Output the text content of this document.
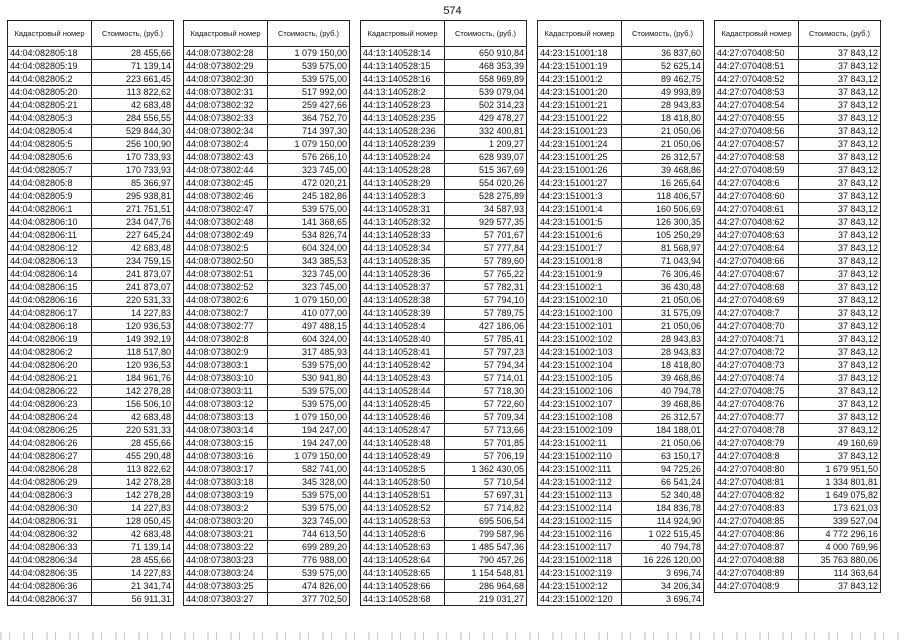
574
Кадастровый номер	Стоимость, (руб.)
44:04:082805:18	28 455,66
44:04:082805:19	71 139,14
44:04:082805:2	223 661,45
44:04:082805:20	113 822,62
44:04:082805:21	42 683,48
44:04:082805:3	284 556,55
44:04:082805:4	529 844,30
44:04:082805:5	256 100,90
44:04:082805:6	170 733,93
44:04:082805:7	170 733,93
44:04:082805:8	85 366,97
44:04:082805:9	295 938,81
44:04:082806:1	271 751,51
44:04:082806:10	234 047,76
44:04:082806:11	227 645,24
44:04:082806:12	42 683,48
44:04:082806:13	234 759,15
44:04:082806:14	241 873,07
44:04:082806:15	241 873,07
44:04:082806:16	220 531,33
44:04:082806:17	14 227,83
44:04:082806:18	120 936,53
44:04:082806:19	149 392,19
44:04:082806:2	118 517,80
44:04:082806:20	120 936,53
44:04:082806:21	184 961,76
44:04:082806:22	142 278,28
44:04:082806:23	156 506,10
44:04:082806:24	42 683,48
44:04:082806:25	220 531,33
44:04:082806:26	28 455,66
44:04:082806:27	455 290,48
44:04:082806:28	113 822,62
44:04:082806:29	142 278,28
44:04:082806:3	142 278,28
44:04:082806:30	14 227,83
44:04:082806:31	128 050,45
44:04:082806:32	42 683,48
44:04:082806:33	71 139,14
44:04:082806:34	28 455,66
44:04:082806:35	14 227,83
44:04:082806:36	21 341,74
44:04:082806:37	56 911,31
Кадастровый номер	Стоимость, (руб.)
44:08:073802:28	1 079 150,00
44:08:073802:29	539 575,00
44:08:073802:30	539 575,00
44:08:073802:31	517 992,00
44:08:073802:32	259 427,66
44:08:073802:33	364 752,70
44:08:073802:34	714 397,30
44:08:073802:4	1 079 150,00
44:08:073802:43	576 266,10
44:08:073802:44	323 745,00
44:08:073802:45	472 020,21
44:08:073802:46	245 182,86
44:08:073802:47	539 575,00
44:08:073802:48	141 368,65
44:08:073802:49	534 826,74
44:08:073802:5	604 324,00
44:08:073802:50	343 385,53
44:08:073802:51	323 745,00
44:08:073802:52	323 745,00
44:08:073802:6	1 079 150,00
44:08:073802:7	410 077,00
44:08:073802:77	497 488,15
44:08:073802:8	604 324,00
44:08:073802:9	317 485,93
44:08:073803:1	539 575,00
44:08:073803:10	530 941,80
44:08:073803:11	539 575,00
44:08:073803:12	539 575,00
44:08:073803:13	1 079 150,00
44:08:073803:14	194 247,00
44:08:073803:15	194 247,00
44:08:073803:16	1 079 150,00
44:08:073803:17	582 741,00
44:08:073803:18	345 328,00
44:08:073803:19	539 575,00
44:08:073803:2	539 575,00
44:08:073803:20	323 745,00
44:08:073803:21	744 613,50
44:08:073803:22	699 289,20
44:08:073803:23	776 988,00
44:08:073803:24	539 575,00
44:08:073803:25	474 826,00
44:08:073803:27	377 702,50
Кадастровый номер	Стоимость, (руб.)
44:13:140528:14	650 910,84
44:13:140528:15	468 353,39
44:13:140528:16	558 969,89
44:13:140528:2	539 079,04
44:13:140528:23	502 314,23
44:13:140528:235	429 478,27
44:13:140528:236	332 400,81
44:13:140528:239	1 209,27
44:13:140528:24	628 939,07
44:13:140528:28	515 367,69
44:13:140528:29	554 020,26
44:13:140528:3	528 275,89
44:13:140528:31	34 587,93
44:13:140528:32	929 577,35
44:13:140528:33	57 701,67
44:13:140528:34	57 777,84
44:13:140528:35	57 789,60
44:13:140528:36	57 765,22
44:13:140528:37	57 782,31
44:13:140528:38	57 794,10
44:13:140528:39	57 789,75
44:13:140528:4	427 186,06
44:13:140528:40	57 785,41
44:13:140528:41	57 797,23
44:13:140528:42	57 794,34
44:13:140528:43	57 714,01
44:13:140528:44	57 718,30
44:13:140528:45	57 722,60
44:13:140528:46	57 709,34
44:13:140528:47	57 713,66
44:13:140528:48	57 701,85
44:13:140528:49	57 706,19
44:13:140528:5	1 362 430,05
44:13:140528:50	57 710,54
44:13:140528:51	57 697,31
44:13:140528:52	57 714,82
44:13:140528:53	695 506,54
44:13:140528:6	799 587,96
44:13:140528:63	1 485 547,36
44:13:140528:64	790 457,26
44:13:140528:65	1 154 548,81
44:13:140528:66	286 964,68
44:13:140528:68	219 031,27
Кадастровый номер	Стоимость, (руб.)
44:23:151001:18	36 837,60
44:23:151001:19	52 625,14
44:23:151001:2	89 462,75
44:23:151001:20	49 993,89
44:23:151001:21	28 943,83
44:23:151001:22	18 418,80
44:23:151001:23	21 050,06
44:23:151001:24	21 050,06
44:23:151001:25	26 312,57
44:23:151001:26	39 468,86
44:23:151001:27	16 265,64
44:23:151001:3	118 406,57
44:23:151001:4	160 506,69
44:23:151001:5	126 300,35
44:23:151001:6	105 250,29
44:23:151001:7	81 568,97
44:23:151001:8	71 043,94
44:23:151001:9	76 306,46
44:23:151002:1	36 430,48
44:23:151002:10	21 050,06
44:23:151002:100	31 575,09
44:23:151002:101	21 050,06
44:23:151002:102	28 943,83
44:23:151002:103	28 943,83
44:23:151002:104	18 418,80
44:23:151002:105	39 468,86
44:23:151002:106	40 794,78
44:23:151002:107	39 468,86
44:23:151002:108	26 312,57
44:23:151002:109	184 188,01
44:23:151002:11	21 050,06
44:23:151002:110	63 150,17
44:23:151002:111	94 725,26
44:23:151002:112	66 541,24
44:23:151002:113	52 340,48
44:23:151002:114	184 836,78
44:23:151002:115	114 924,90
44:23:151002:116	1 022 515,45
44:23:151002:117	40 794,78
44:23:151002:118	16 226 120,00
44:23:151002:119	3 696,74
44:23:151002:12	34 206,34
44:23:151002:120	3 696,74
Кадастровый номер	Стоимость, (руб.)
44:27:070408:50	37 843,12
44:27:070408:51	37 843,12
44:27:070408:52	37 843,12
44:27:070408:53	37 843,12
44:27:070408:54	37 843,12
44:27:070408:55	37 843,12
44:27:070408:56	37 843,12
44:27:070408:57	37 843,12
44:27:070408:58	37 843,12
44:27:070408:59	37 843,12
44:27:070408:6	37 843,12
44:27:070408:60	37 843,12
44:27:070408:61	37 843,12
44:27:070408:62	37 843,12
44:27:070408:63	37 843,12
44:27:070408:64	37 843,12
44:27:070408:66	37 843,12
44:27:070408:67	37 843,12
44:27:070408:68	37 843,12
44:27:070408:69	37 843,12
44:27:070408:7	37 843,12
44:27:070408:70	37 843,12
44:27:070408:71	37 843,12
44:27:070408:72	37 843,12
44:27:070408:73	37 843,12
44:27:070408:74	37 843,12
44:27:070408:75	37 843,12
44:27:070408:76	37 843,12
44:27:070408:77	37 843,12
44:27:070408:78	37 843,12
44:27:070408:79	49 160,69
44:27:070408:8	37 843,12
44:27:070408:80	1 679 951,50
44:27:070408:81	1 334 801,81
44:27:070408:82	1 649 075,82
44:27:070408:83	173 621,03
44:27:070408:85	339 527,04
44:27:070408:86	4 772 296,16
44:27:070408:87	4 000 769,96
44:27:070408:88	35 763 880,06
44:27:070408:89	114 363,64
44:27:070408:9	37 843,12
